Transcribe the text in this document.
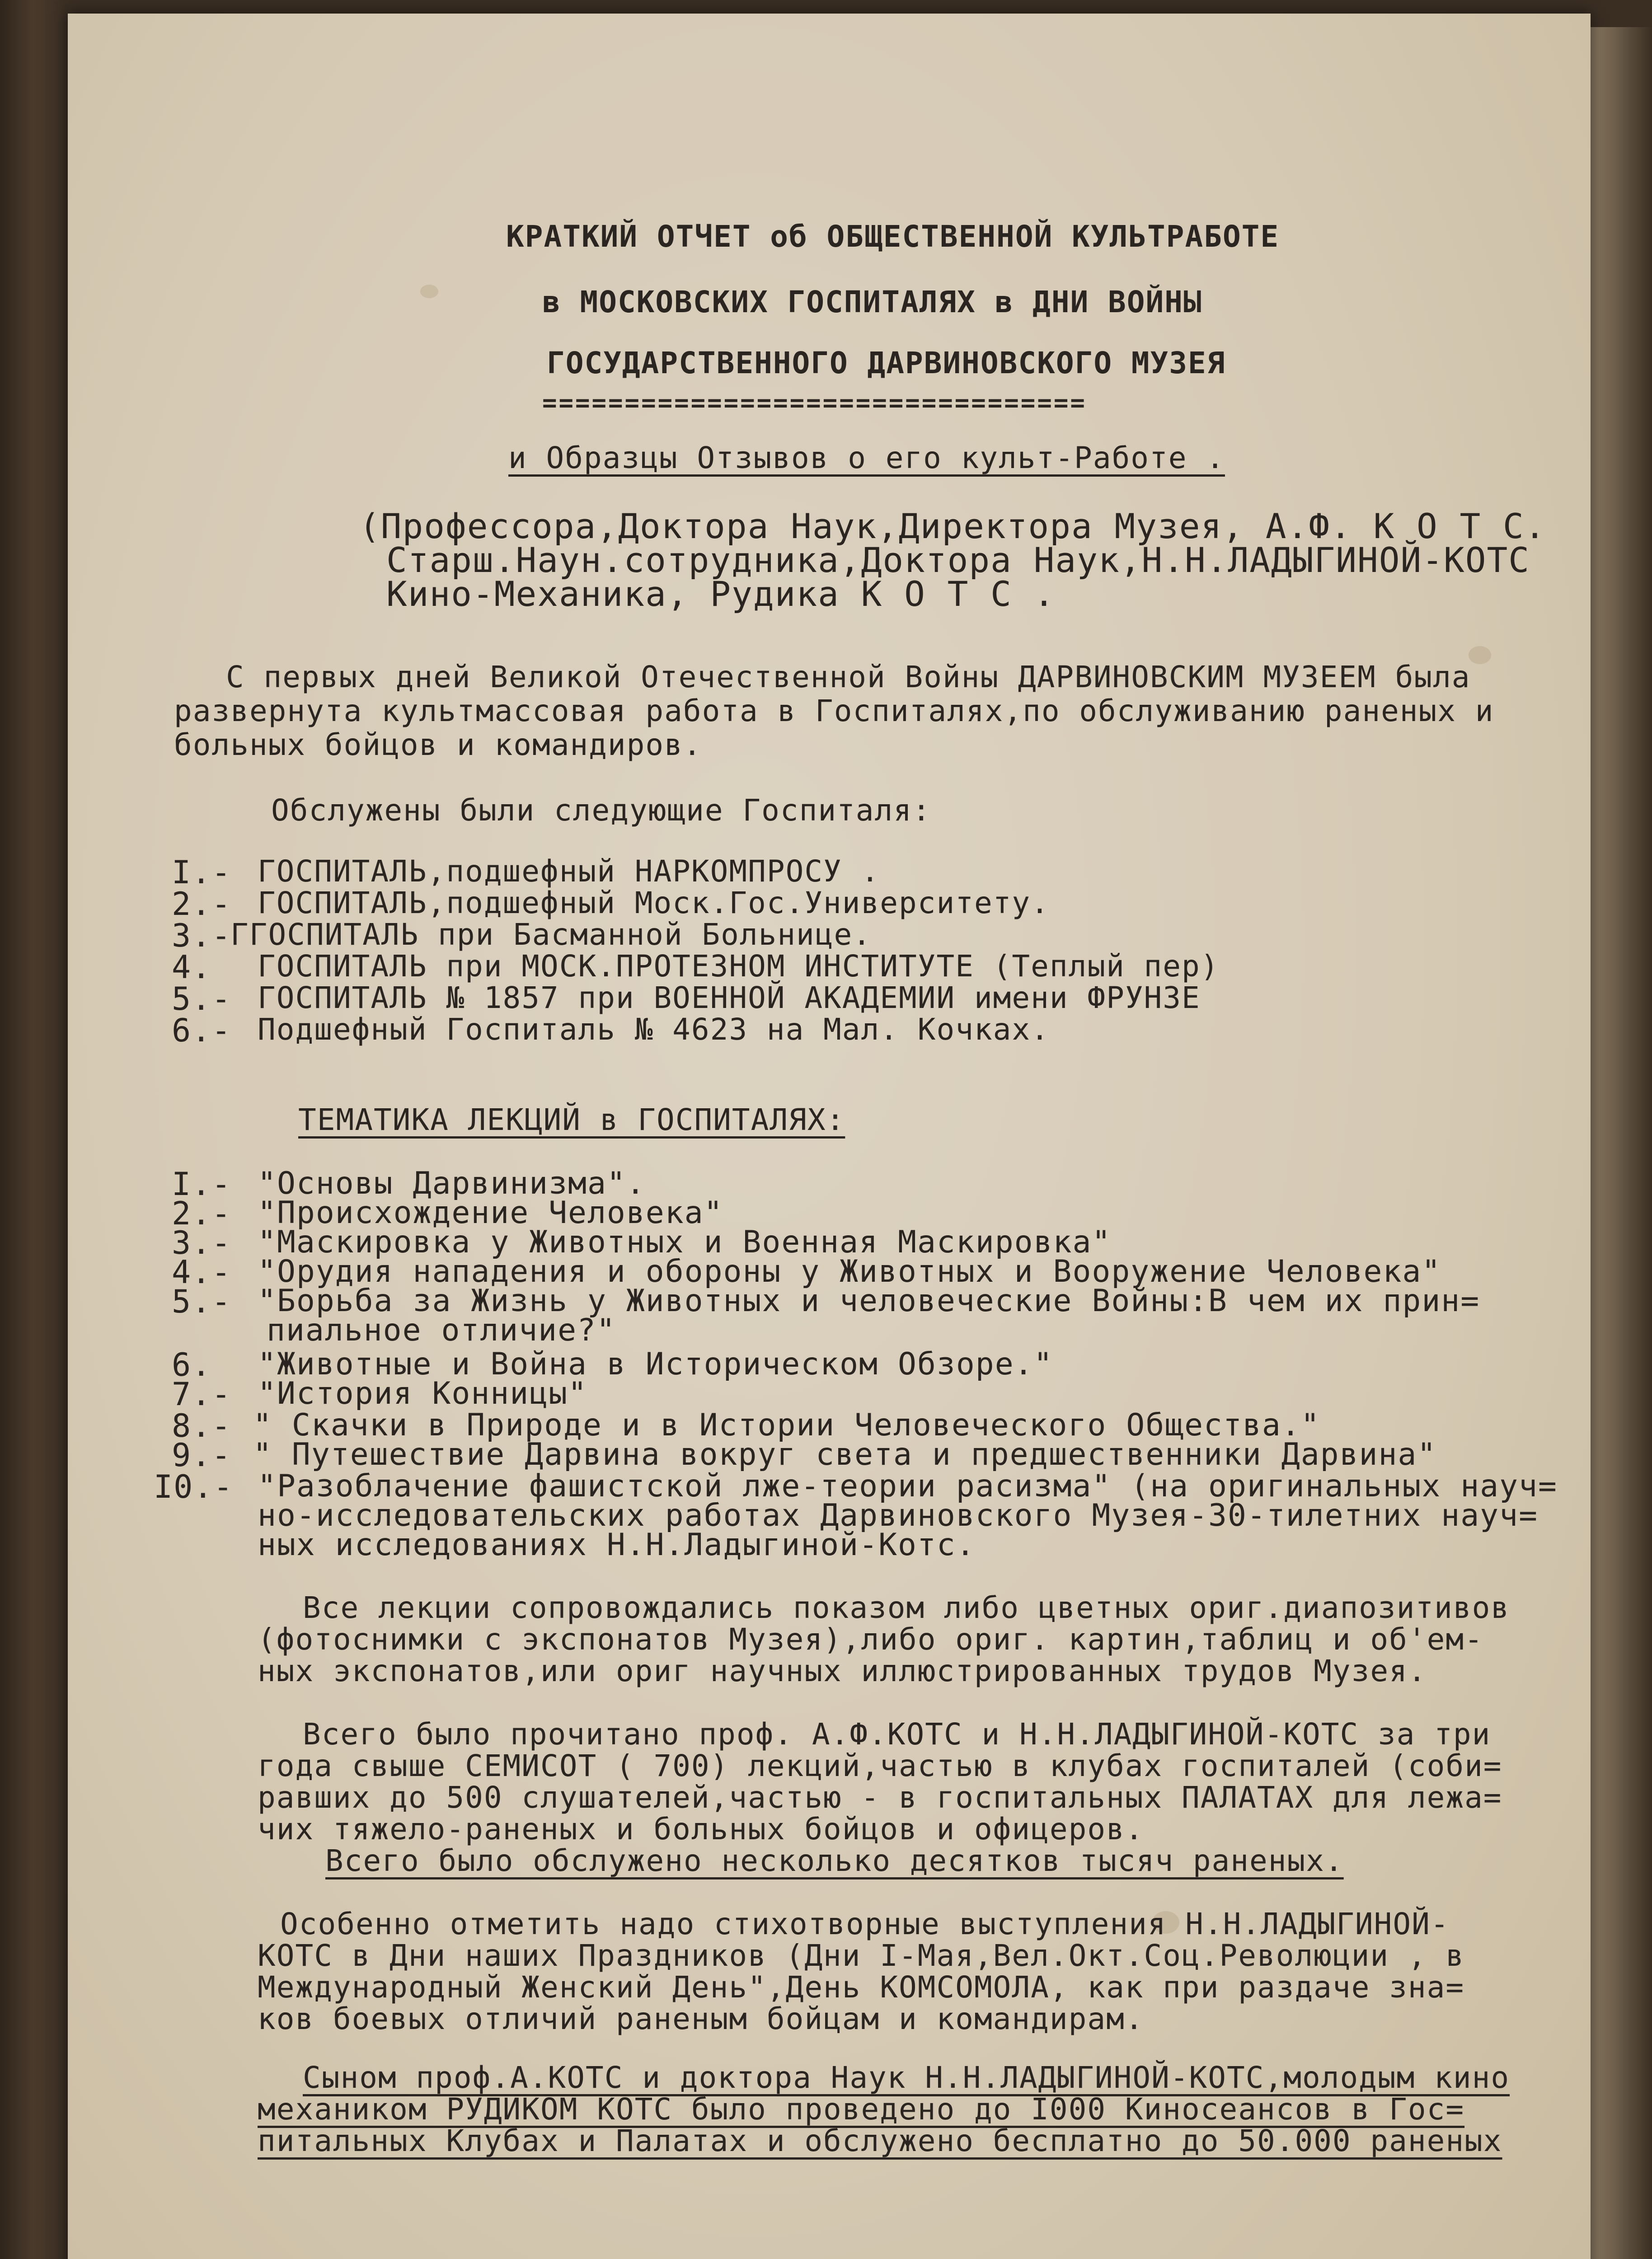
КРАТКИЙ ОТЧЕТ об ОБЩЕСТВЕННОЙ КУЛЬТРАБОТЕ
в МОСКОВСКИХ ГОСПИТАЛЯХ в ДНИ ВОЙНЫ
ГОСУДАРСТВЕННОГО ДАРВИНОВСКОГО МУЗЕЯ
=================================
и Образцы Отзывов о его культ-Работе .
(Профессора,Доктора Наук,Директора Музея, А.Ф. К О Т С.
Старш.Наун.сотрудника,Доктора Наук,Н.Н.ЛАДЫГИНОЙ-КОТС
Кино-Механика, Рудика К О Т С .
С первых дней Великой Отечественной Войны ДАРВИНОВСКИМ МУЗЕЕМ была
развернута культмассовая работа в Госпиталях,по обслуживанию раненых и
больных бойцов и командиров.
Обслужены были следующие Госпиталя:
I.- ГОСПИТАЛЬ,подшефный НАРКОМПРОСУ .
2.- ГОСПИТАЛЬ,подшефный Моск.Гос.Университету.
3.-
ГГОСПИТАЛЬ при Басманной Больнице.
4. ГОСПИТАЛЬ при МОСК.ПРОТЕЗНОМ ИНСТИТУТЕ (Теплый пер)
5.- ГОСПИТАЛЬ № 1857 при ВОЕННОЙ АКАДЕМИИ имени ФРУНЗЕ
6.- Подшефный Госпиталь № 4623 на Мал. Кочках.
ТЕМАТИКА ЛЕКЦИЙ в ГОСПИТАЛЯХ:
I.- "Основы Дарвинизма".
2.- "Происхождение Человека"
3.- "Маскировка у Животных и Военная Маскировка"
4.- "Орудия нападения и обороны у Животных и Вооружение Человека"
5.- "Борьба за Жизнь у Животных и человеческие Войны:В чем их прин=
пиальное отличие?"
6. "Животные и Война в Историческом Обзоре."
7.- "История Конницы"
8.- " Скачки в Природе и в Истории Человеческого Общества."
9.- " Путешествие Дарвина вокруг света и предшественники Дарвина"
I0.- "Разоблачение фашистской лже-теории расизма" (на оригинальных науч=
но-исследовательских работах Дарвиновского Музея-30-тилетних науч=
ных исследованиях Н.Н.Ладыгиной-Котс.
Все лекции сопровождались показом либо цветных ориг.диапозитивов
(фотоснимки с экспонатов Музея),либо ориг. картин,таблиц и об'ем-
ных экспонатов,или ориг научных иллюстрированных трудов Музея.
Всего было прочитано проф. А.Ф.КОТС и Н.Н.ЛАДЫГИНОЙ-КОТС за три
года свыше СЕМИСОТ ( 700) лекций,частью в клубах госпиталей (соби=
равших до 500 слушателей,частью - в госпитальных ПАЛАТАХ для лежа=
чих тяжело-раненых и больных бойцов и офицеров.
Всего было обслужено несколько десятков тысяч раненых.
Особенно отметить надо стихотворные выступления Н.Н.ЛАДЫГИНОЙ-
КОТС в Дни наших Праздников (Дни I-Мая,Вел.Окт.Соц.Революции , в
Международный Женский День",День КОМСОМОЛА, как при раздаче зна=
ков боевых отличий раненым бойцам и командирам.
Сыном проф.А.КОТС и доктора Наук Н.Н.ЛАДЫГИНОЙ-КОТС,молодым кино
механиком РУДИКОМ КОТС было проведено до I000 Киносеансов в Гос=
питальных Клубах и Палатах и обслужено бесплатно до 50.000 раненых
